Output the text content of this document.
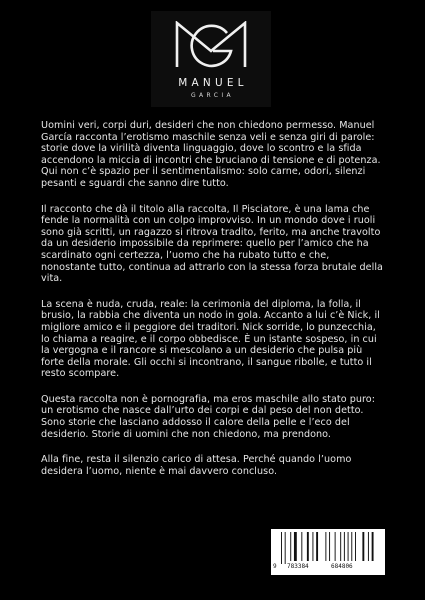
MANUEL
GARCIA

Uomini veri, corpi duri, desideri che non chiedono permesso. Manuel García racconta l’erotismo maschile senza veli e senza giri di parole: storie dove la virilità diventa linguaggio, dove lo scontro e la sfida accendono la miccia di incontri che bruciano di tensione e di potenza. Qui non c’è spazio per il sentimentalismo: solo carne, odori, silenzi pesanti e sguardi che sanno dire tutto.

Il racconto che dà il titolo alla raccolta, Il Pisciatore, è una lama che fende la normalità con un colpo improvviso. In un mondo dove i ruoli sono già scritti, un ragazzo si ritrova tradito, ferito, ma anche travolto da un desiderio impossibile da reprimere: quello per l’amico che ha scardinato ogni certezza, l’uomo che ha rubato tutto e che, nonostante tutto, continua ad attrarlo con la stessa forza brutale della vita.

La scena è nuda, cruda, reale: la cerimonia del diploma, la folla, il brusio, la rabbia che diventa un nodo in gola. Accanto a lui c’è Nick, il migliore amico e il peggiore dei traditori. Nick sorride, lo punzecchia, lo chiama a reagire, e il corpo obbedisce. È un istante sospeso, in cui la vergogna e il rancore si mescolano a un desiderio che pulsa più forte della morale. Gli occhi si incontrano, il sangue ribolle, e tutto il resto scompare.

Questa raccolta non è pornografia, ma eros maschile allo stato puro: un erotismo che nasce dall’urto dei corpi e dal peso del non detto. Sono storie che lasciano addosso il calore della pelle e l’eco del desiderio. Storie di uomini che non chiedono, ma prendono.

Alla fine, resta il silenzio carico di attesa. Perché quando l’uomo desidera l’uomo, niente è mai davvero concluso.

9 783384	684806
